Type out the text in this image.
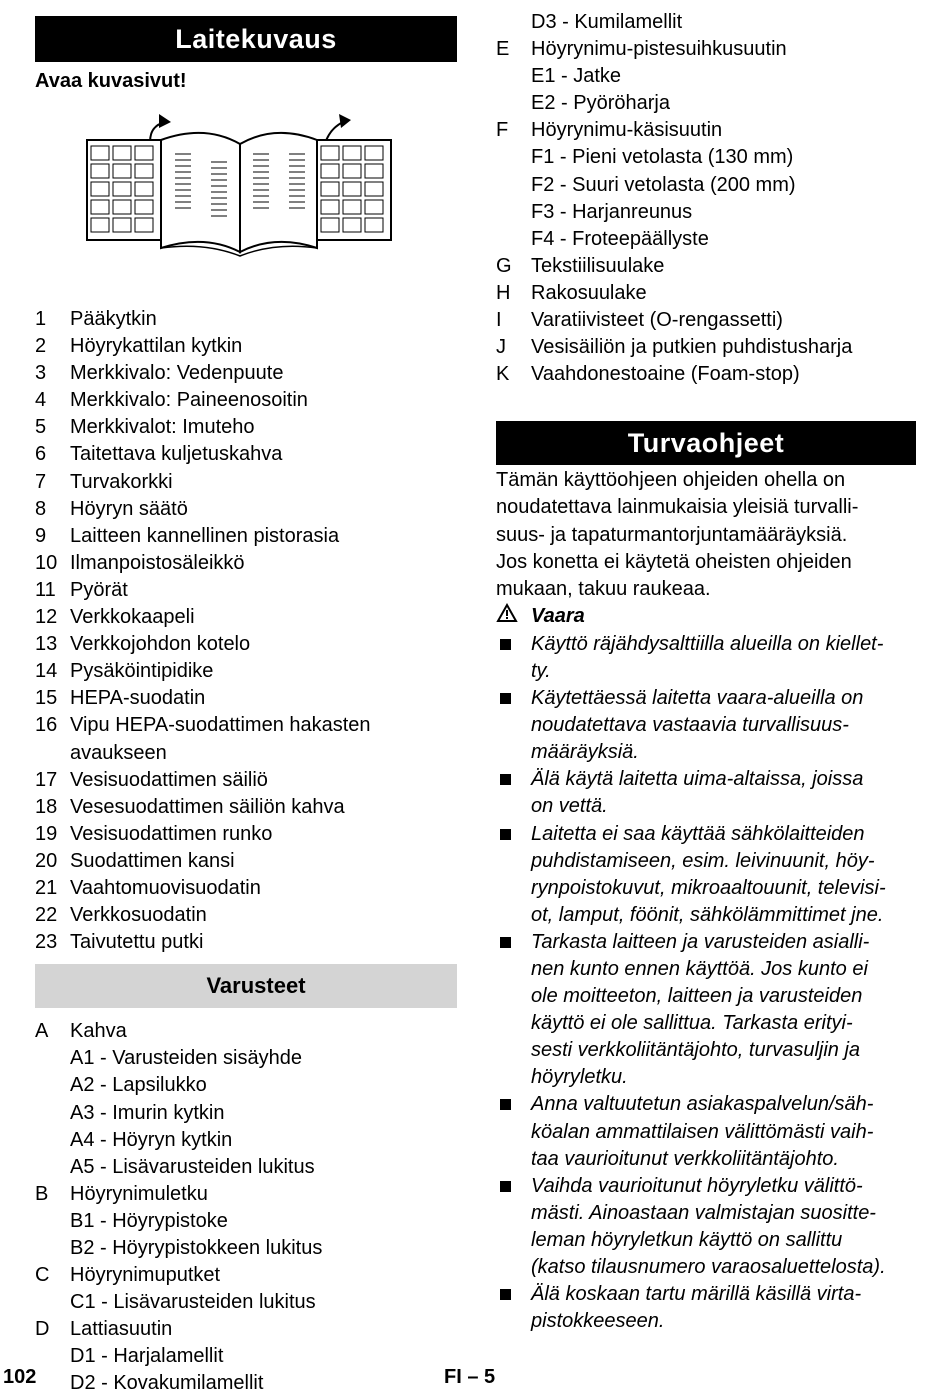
Laitekuvaus
Avaa kuvasivut!
1	Pääkytkin
2	Höyrykattilan kytkin
3	Merkkivalo: Vedenpuute
4	Merkkivalo: Paineenosoitin
5	Merkkivalot: Imuteho
6	Taitettava kuljetuskahva
7	Turvakorkki
8	Höyryn säätö
9	Laitteen kannellinen pistorasia
10 Ilmanpoistosäleikkö
11 Pyörät
12 Verkkokaapeli
13 Verkkojohdon kotelo
14 Pysäköintipidike
15 HEPA-suodatin
16 Vipu HEPA-suodattimen hakasten avaukseen
17 Vesisuodattimen säiliö
18 Vesesuodattimen säiliön kahva
19 Vesisuodattimen runko
20 Suodattimen kansi
21 Vaahtomuovisuodatin
22 Verkkosuodatin
23 Taivutettu putki
Varusteet
A	Kahva
A1 - Varusteiden sisäyhde
A2 - Lapsilukko
A3 - Imurin kytkin
A4 - Höyryn kytkin
A5 - Lisävarusteiden lukitus
B	Höyrynimuletku
B1 - Höyrypistoke
B2 - Höyrypistokkeen lukitus
C	Höyrynimuputket
C1 - Lisävarusteiden lukitus
D	Lattiasuutin
D1 - Harjalamellit
D2 - Kovakumilamellit
D3 - Kumilamellit
E	Höyrynimu-pistesuihkusuutin
E1 - Jatke
E2 - Pyöröharja
F	Höyrynimu-käsisuutin
F1 - Pieni vetolasta (130 mm)
F2 - Suuri vetolasta (200 mm)
F3 - Harjanreunus
F4 - Froteepäällyste
G Tekstiilisuulake
H	Rakosuulake
I	Varatiivisteet (O-rengassetti)
J	Vesisäiliön ja putkien puhdistusharja
K	Vaahdonestoaine (Foam-stop)
Turvaohjeet
Tämän käyttöohjeen ohjeiden ohella on
noudatettava lainmukaisia yleisiä turvalli-
suus- ja tapaturmantorjuntamääräyksiä.
Jos konetta ei käytetä oheisten ohjeiden
mukaan, takuu raukeaa.
Vaara
Käyttö räjähdysalttiilla alueilla on kiellet-
ty.
Käytettäessä laitetta vaara-alueilla on
noudatettava vastaavia turvallisuus-
määräyksiä.
Älä käytä laitetta uima-altaissa, joissa
on vettä.
Laitetta ei saa käyttää sähkölaitteiden
puhdistamiseen, esim. leivinuunit, höy-
rynpoistokuvut, mikroaaltouunit, televisi-
ot, lamput, föönit, sähkölämmittimet jne.
Tarkasta laitteen ja varusteiden asialli-
nen kunto ennen käyttöä. Jos kunto ei
ole moitteeton, laitteen ja varusteiden
käyttö ei ole sallittua. Tarkasta erityi-
sesti verkkoliitäntäjohto, turvasuljin ja
höyryletku.
Anna valtuutetun asiakaspalvelun/säh-
köalan ammattilaisen välittömästi vaih-
taa vaurioitunut verkkoliitäntäjohto.
Vaihda vaurioitunut höyryletku välittö-
mästi. Ainoastaan valmistajan suositte-
leman höyryletkun käyttö on sallittu
(katso tilausnumero varaosaluettelosta).
Älä koskaan tartu märillä käsillä virta-
pistokkeeseen.
102	FI – 5
